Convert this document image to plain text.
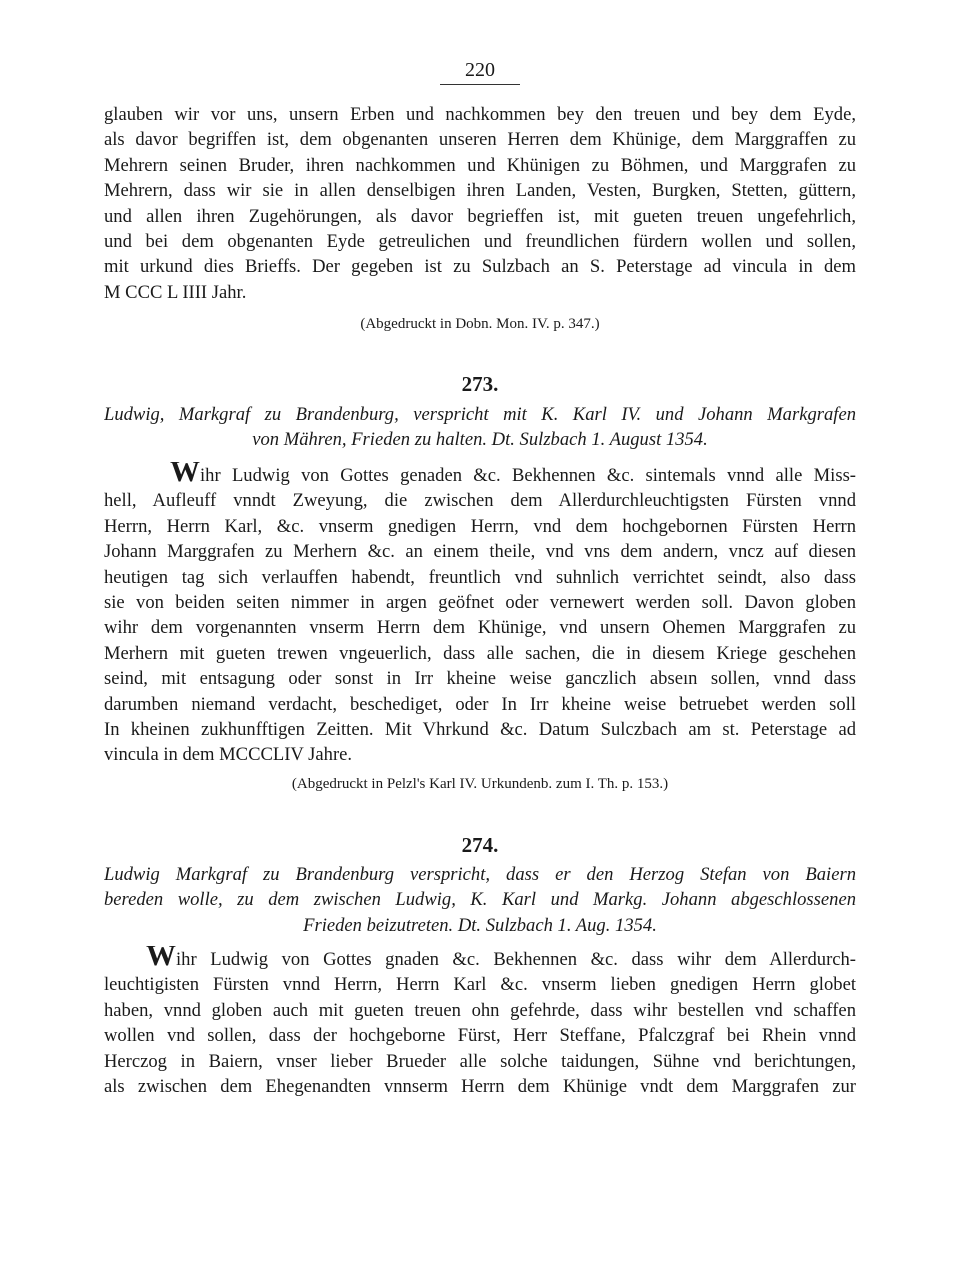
220
glauben wir vor uns, unsern Erben und nachkommen bey den treuen und bey dem Eyde,
als davor begriffen ist, dem obgenanten unseren Herren dem Khünige, dem Marggraffen zu
Mehrern seinen Bruder, ihren nachkommen und Khünigen zu Böhmen, und Marggrafen zu
Mehrern, dass wir sie in allen denselbigen ihren Landen, Vesten, Burgken, Stetten, güttern,
und allen ihren Zugehörungen, als davor begrieffen ist, mit gueten treuen ungefehrlich,
und bei dem obgenanten Eyde getreulichen und freundlichen fürdern wollen und sollen,
mit urkund dies Brieffs. Der gegeben ist zu Sulzbach an S. Peterstage ad vincula in dem
M CCC L IIII Jahr.
(Abgedruckt in Dobn. Mon. IV. p. 347.)
273.
Ludwig, Markgraf zu Brandenburg, verspricht mit K. Karl IV. und Johann Markgrafen
von Mähren, Frieden zu halten. Dt. Sulzbach 1. August 1354.
Wihr Ludwig von Gottes genaden &c. Bekhennen &c. sintemals vnnd alle Miss-
hell, Aufleuff vnndt Zweyung, die zwischen dem Allerdurchleuchtigsten Fürsten vnnd
Herrn, Herrn Karl, &c. vnserm gnedigen Herrn, vnd dem hochgebornen Fürsten Herrn
Johann Marggrafen zu Merhern &c. an einem theile, vnd vns dem andern, vncz auf diesen
heutigen tag sich verlauffen habendt, freuntlich vnd suhnlich verrichtet seindt, also dass
sie von beiden seiten nimmer in argen geöfnet oder vernewert werden soll. Davon globen
wihr dem vorgenannten vnserm Herrn dem Khünige, vnd unsern Ohemen Marggrafen zu
Merhern mit gueten trewen vngeuerlich, dass alle sachen, die in diesem Kriege geschehen
seind, mit entsagung oder sonst in Irr kheine weise ganczlich abseın sollen, vnnd dass
darumben niemand verdacht, beschediget, oder In Irr kheine weise betruebet werden soll
In kheinen zukhunfftigen Zeitten. Mit Vhrkund &c. Datum Sulczbach am st. Peterstage ad
vincula in dem MCCCLIV Jahre.
(Abgedruckt in Pelzl's Karl IV. Urkundenb. zum I. Th. p. 153.)
274.
Ludwig Markgraf zu Brandenburg verspricht, dass er den Herzog Stefan von Baiern
bereden wolle, zu dem zwischen Ludwig, K. Karl und Markg. Johann abgeschlossenen
Frieden beizutreten. Dt. Sulzbach 1. Aug. 1354.
Wihr Ludwig von Gottes gnaden &c. Bekhennen &c. dass wihr dem Allerdurch-
leuchtigisten Fürsten vnnd Herrn, Herrn Karl &c. vnserm lieben gnedigen Herrn globet
haben, vnnd globen auch mit gueten treuen ohn gefehrde, dass wihr bestellen vnd schaffen
wollen vnd sollen, dass der hochgeborne Fürst, Herr Steffane, Pfalczgraf bei Rhein vnnd
Herczog in Baiern, vnser lieber Brueder alle solche taidungen, Sühne vnd berichtungen,
als zwischen dem Ehegenandten vnnserm Herrn dem Khünige vndt dem Marggrafen zur
